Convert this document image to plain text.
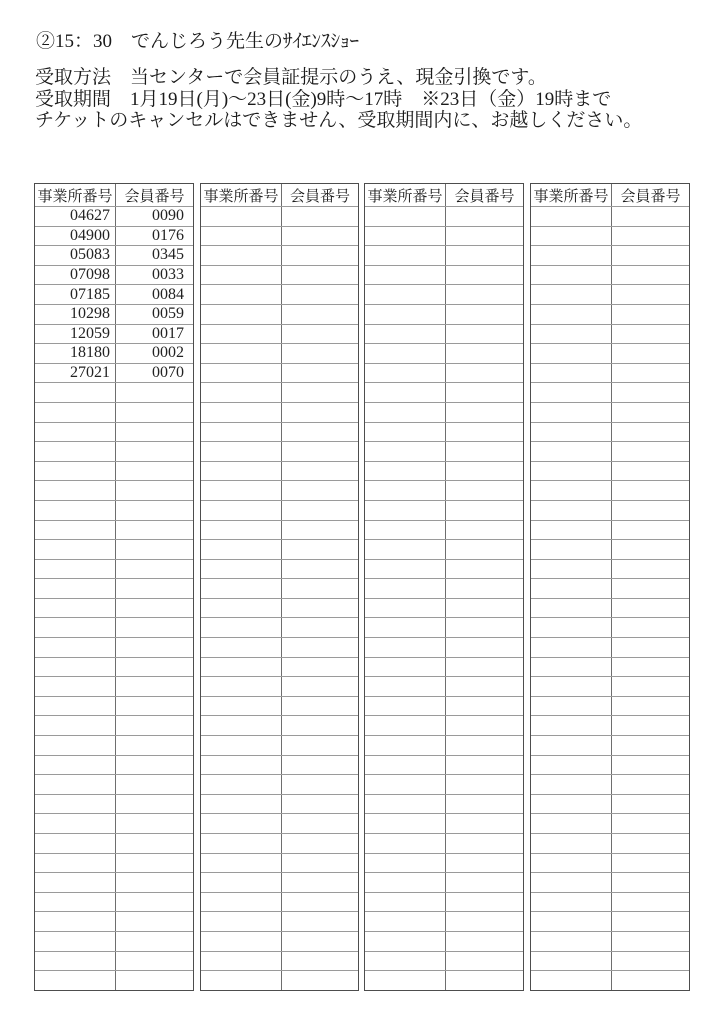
②15：30　でんじろう先生のｻｲｴﾝｽｼｮｰ
受取方法　当センターで会員証提示のうえ、現金引換です。
受取期間　1月19日(月)～23日(金)9時～17時　※23日（金）19時まで
チケットのキャンセルはできません、受取期間内に、お越しください。
事業所番号 会員番号
04627	0090
04900	0176
05083	0345
07098	0033
07185	0084
10298	0059
12059	0017
18180	0002
27021	0070
事業所番号 会員番号	事業所番号 会員番号	事業所番号 会員番号
